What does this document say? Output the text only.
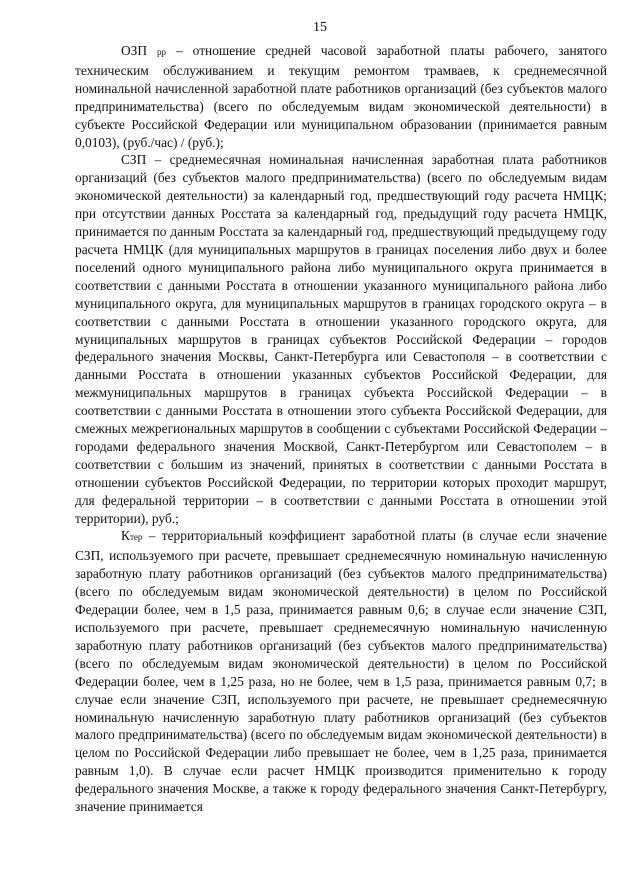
15

ОЗП рр – отношение средней часовой заработной платы рабочего, занятого техническим обслуживанием и текущим ремонтом трамваев, к среднемесячной номинальной начисленной заработной плате работников организаций (без субъектов малого предпринимательства) (всего по обследуемым видам экономической деятельности) в субъекте Российской Федерации или муниципальном образовании (принимается равным 0,0103), (руб./час) / (руб.);

СЗП – среднемесячная номинальная начисленная заработная плата работников организаций (без субъектов малого предпринимательства) (всего по обследуемым видам экономической деятельности) за календарный год, предшествующий году расчета НМЦК; при отсутствии данных Росстата за календарный год, предыдущий году расчета НМЦК, принимается по данным Росстата за календарный год, предшествующий предыдущему году расчета НМЦК (для муниципальных маршрутов в границах поселения либо двух и более поселений одного муниципального района либо муниципального округа принимается в соответствии с данными Росстата в отношении указанного муниципального района либо муниципального округа, для муниципальных маршрутов в границах городского округа – в соответствии с данными Росстата в отношении указанного городского округа, для муниципальных маршрутов в границах субъектов Российской Федерации – городов федерального значения Москвы, Санкт-Петербурга или Севастополя – в соответствии с данными Росстата в отношении указанных субъектов Российской Федерации, для межмуниципальных маршрутов в границах субъекта Российской Федерации – в соответствии с данными Росстата в отношении этого субъекта Российской Федерации, для смежных межрегиональных маршрутов в сообщении с субъектами Российской Федерации – городами федерального значения Москвой, Санкт-Петербургом или Севастополем – в соответствии с большим из значений, принятых в соответствии с данными Росстата в отношении субъектов Российской Федерации, по территории которых проходит маршрут, для федеральной территории – в соответствии с данными Росстата в отношении этой территории), руб.;

Ктер – территориальный коэффициент заработной платы (в случае если значение СЗП, используемого при расчете, превышает среднемесячную номинальную начисленную заработную плату работников организаций (без субъектов малого предпринимательства) (всего по обследуемым видам экономической деятельности) в целом по Российской Федерации более, чем в 1,5 раза, принимается равным 0,6; в случае если значение СЗП, используемого при расчете, превышает среднемесячную номинальную начисленную заработную плату работников организаций (без субъектов малого предпринимательства) (всего по обследуемым видам экономической деятельности) в целом по Российской Федерации более, чем в 1,25 раза, но не более, чем в 1,5 раза, принимается равным 0,7; в случае если значение СЗП, используемого при расчете, не превышает среднемесячную номинальную начисленную заработную плату работников организаций (без субъектов малого предпринимательства) (всего по обследуемым видам экономической деятельности) в целом по Российской Федерации либо превышает не более, чем в 1,25 раза, принимается равным 1,0). В случае если расчет НМЦК производится применительно к городу федерального значения Москве, а также к городу федерального значения Санкт-Петербургу, значение принимается
